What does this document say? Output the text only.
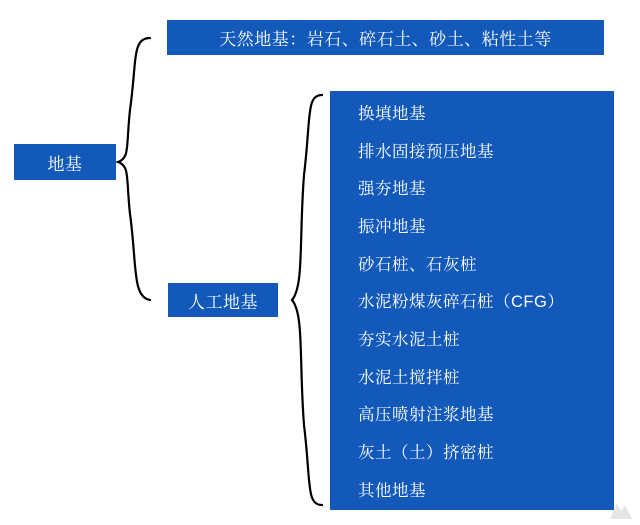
地基
天然地基：岩石、碎石土、砂土、粘性土等
人工地基
换填地基
排水固接预压地基
强夯地基
振冲地基
砂石桩、石灰桩
水泥粉煤灰碎石桩（CFG）
夯实水泥土桩
水泥土搅拌桩
高压喷射注浆地基
灰土（土）挤密桩
其他地基
